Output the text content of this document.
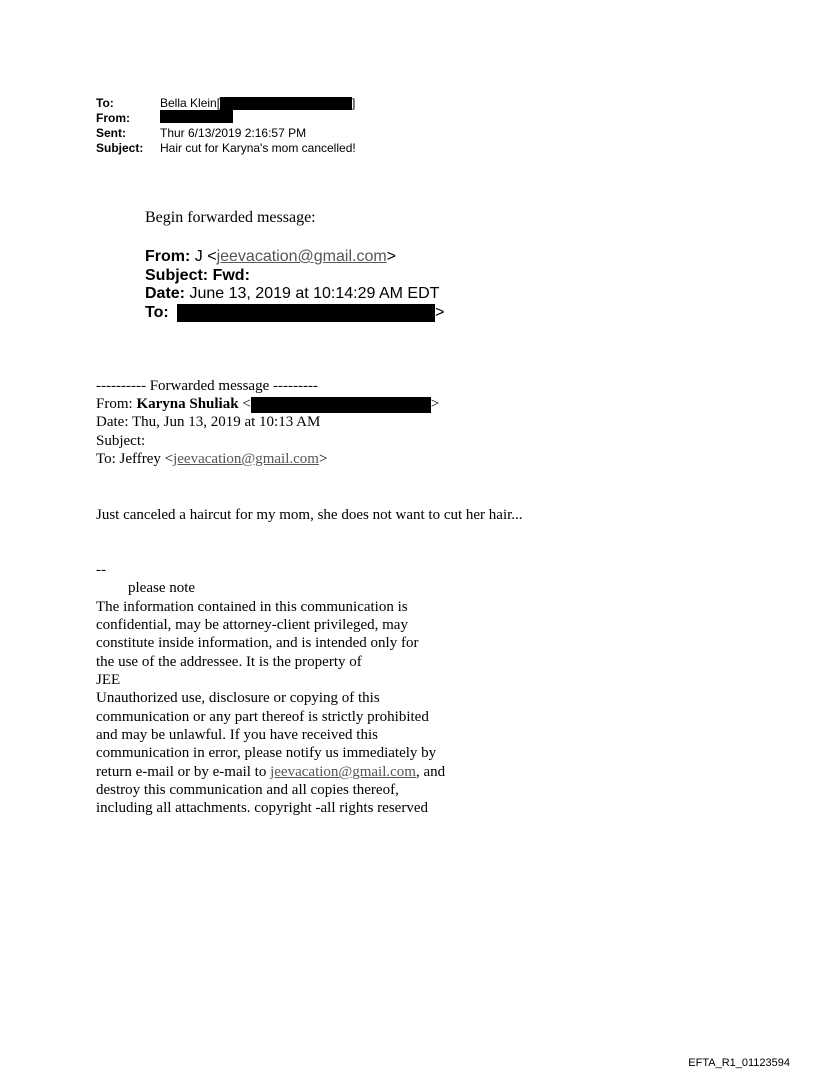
To:	Bella Klein[	]
From:
Sent:	Thur 6/13/2019 2:16:57 PM
Subject: Hair cut for Karyna's mom cancelled!
Begin forwarded message:
From: J <jeevacation@gmail.com>
Subject: Fwd:
Date: June 13, 2019 at 10:14:29 AM EDT
To:	>
---------- Forwarded message ---------
From: Karyna Shuliak <	>
Date: Thu, Jun 13, 2019 at 10:13 AM
Subject:
To: Jeffrey <jeevacation@gmail.com>
Just canceled a haircut for my mom, she does not want to cut her hair...
--
please note
The information contained in this communication is
confidential, may be attorney-client privileged, may
constitute inside information, and is intended only for
the use of the addressee. It is the property of
JEE
Unauthorized use, disclosure or copying of this
communication or any part thereof is strictly prohibited
and may be unlawful. If you have received this
communication in error, please notify us immediately by
return e-mail or by e-mail to jeevacation@gmail.com, and
destroy this communication and all copies thereof,
including all attachments. copyright -all rights reserved
EFTA_R1_01123594
